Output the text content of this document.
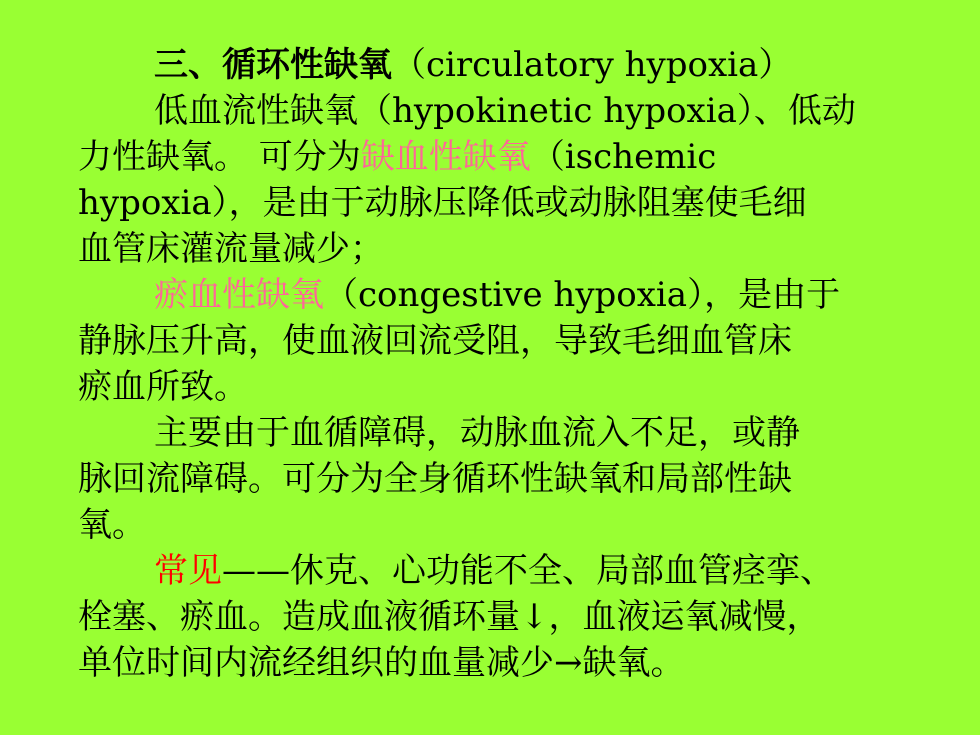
三、循环性缺氧（circulatory hypoxia）
低血流性缺氧（hypokinetic hypoxia）、低动
力性缺氧。 可分为缺血性缺氧（ischemic
hypoxia），是由于动脉压降低或动脉阻塞使毛细
血管床灌流量减少；
瘀血性缺氧（congestive hypoxia），是由于
静脉压升高，使血液回流受阻，导致毛细血管床
瘀血所致。
主要由于血循障碍，动脉血流入不足，或静
脉回流障碍。可分为全身循环性缺氧和局部性缺
氧。
常见——休克、心功能不全、局部血管痉挛、
栓塞、瘀血。造成血液循环量↓，血液运氧减慢，
单位时间内流经组织的血量减少→缺氧。
